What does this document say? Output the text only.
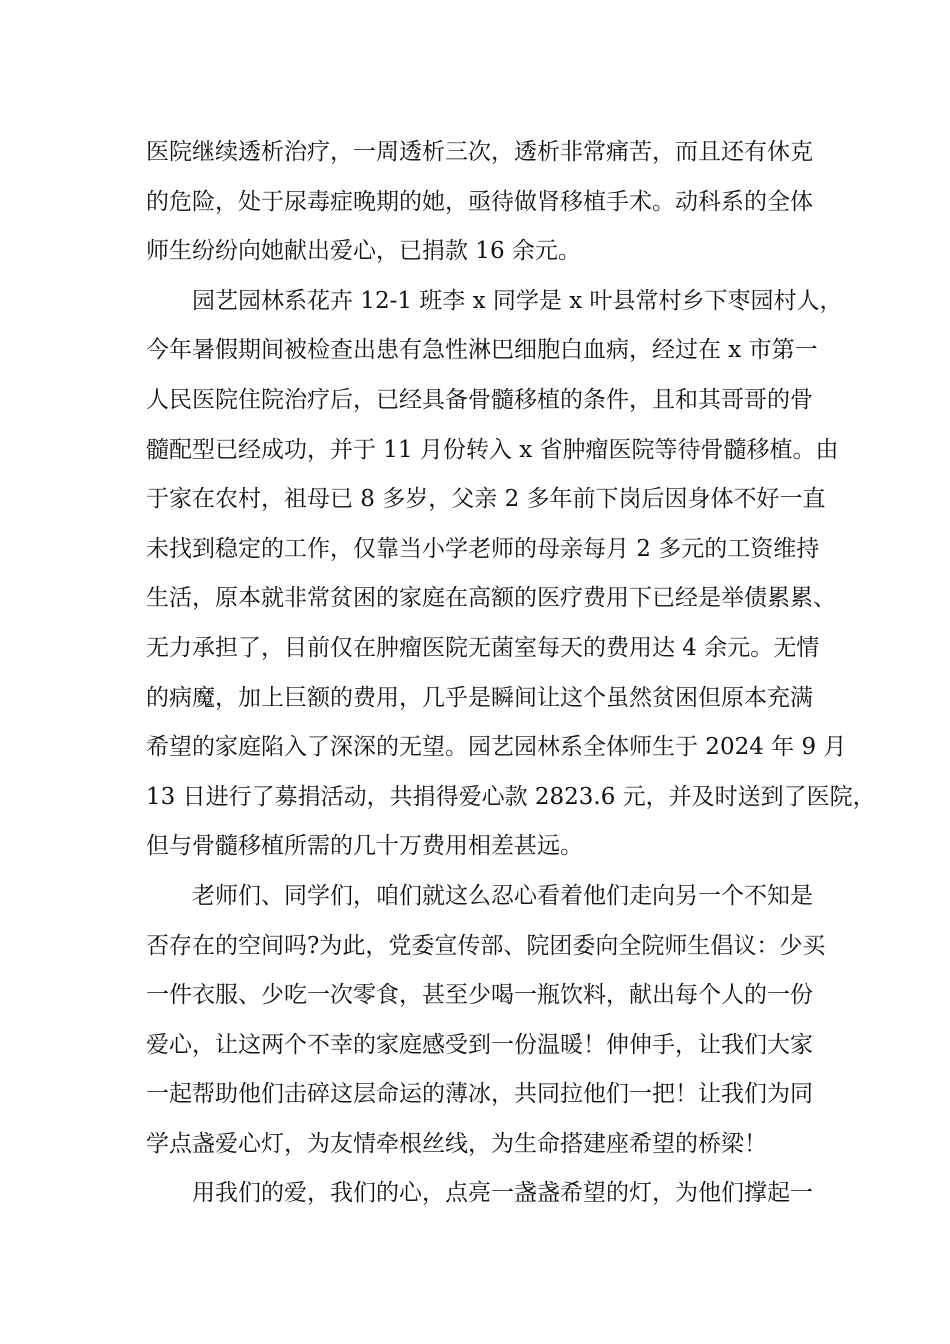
医院继续透析治疗，一周透析三次，透析非常痛苦，而且还有休克
的危险，处于尿毒症晚期的她，亟待做肾移植手术。动科系的全体
师生纷纷向她献出爱心，已捐款 16 余元。
园艺园林系花卉 12-1 班李 x 同学是 x 叶县常村乡下枣园村人，
今年暑假期间被检查出患有急性淋巴细胞白血病，经过在 x 市第一
人民医院住院治疗后，已经具备骨髓移植的条件，且和其哥哥的骨
髓配型已经成功，并于 11 月份转入 x 省肿瘤医院等待骨髓移植。由
于家在农村，祖母已 8 多岁，父亲 2 多年前下岗后因身体不好一直
未找到稳定的工作，仅靠当小学老师的母亲每月 2 多元的工资维持
生活，原本就非常贫困的家庭在高额的医疗费用下已经是举债累累、
无力承担了，目前仅在肿瘤医院无菌室每天的费用达 4 余元。无情
的病魔，加上巨额的费用，几乎是瞬间让这个虽然贫困但原本充满
希望的家庭陷入了深深的无望。园艺园林系全体师生于 2024 年 9 月
13 日进行了募捐活动，共捐得爱心款 2823.6 元，并及时送到了医院，
但与骨髓移植所需的几十万费用相差甚远。
老师们、同学们，咱们就这么忍心看着他们走向另一个不知是
否存在的空间吗?为此，党委宣传部、院团委向全院师生倡议：少买
一件衣服、少吃一次零食，甚至少喝一瓶饮料，献出每个人的一份
爱心，让这两个不幸的家庭感受到一份温暖！伸伸手，让我们大家
一起帮助他们击碎这层命运的薄冰，共同拉他们一把！让我们为同
学点盏爱心灯，为友情牵根丝线，为生命搭建座希望的桥梁！
用我们的爱，我们的心，点亮一盏盏希望的灯，为他们撑起一
